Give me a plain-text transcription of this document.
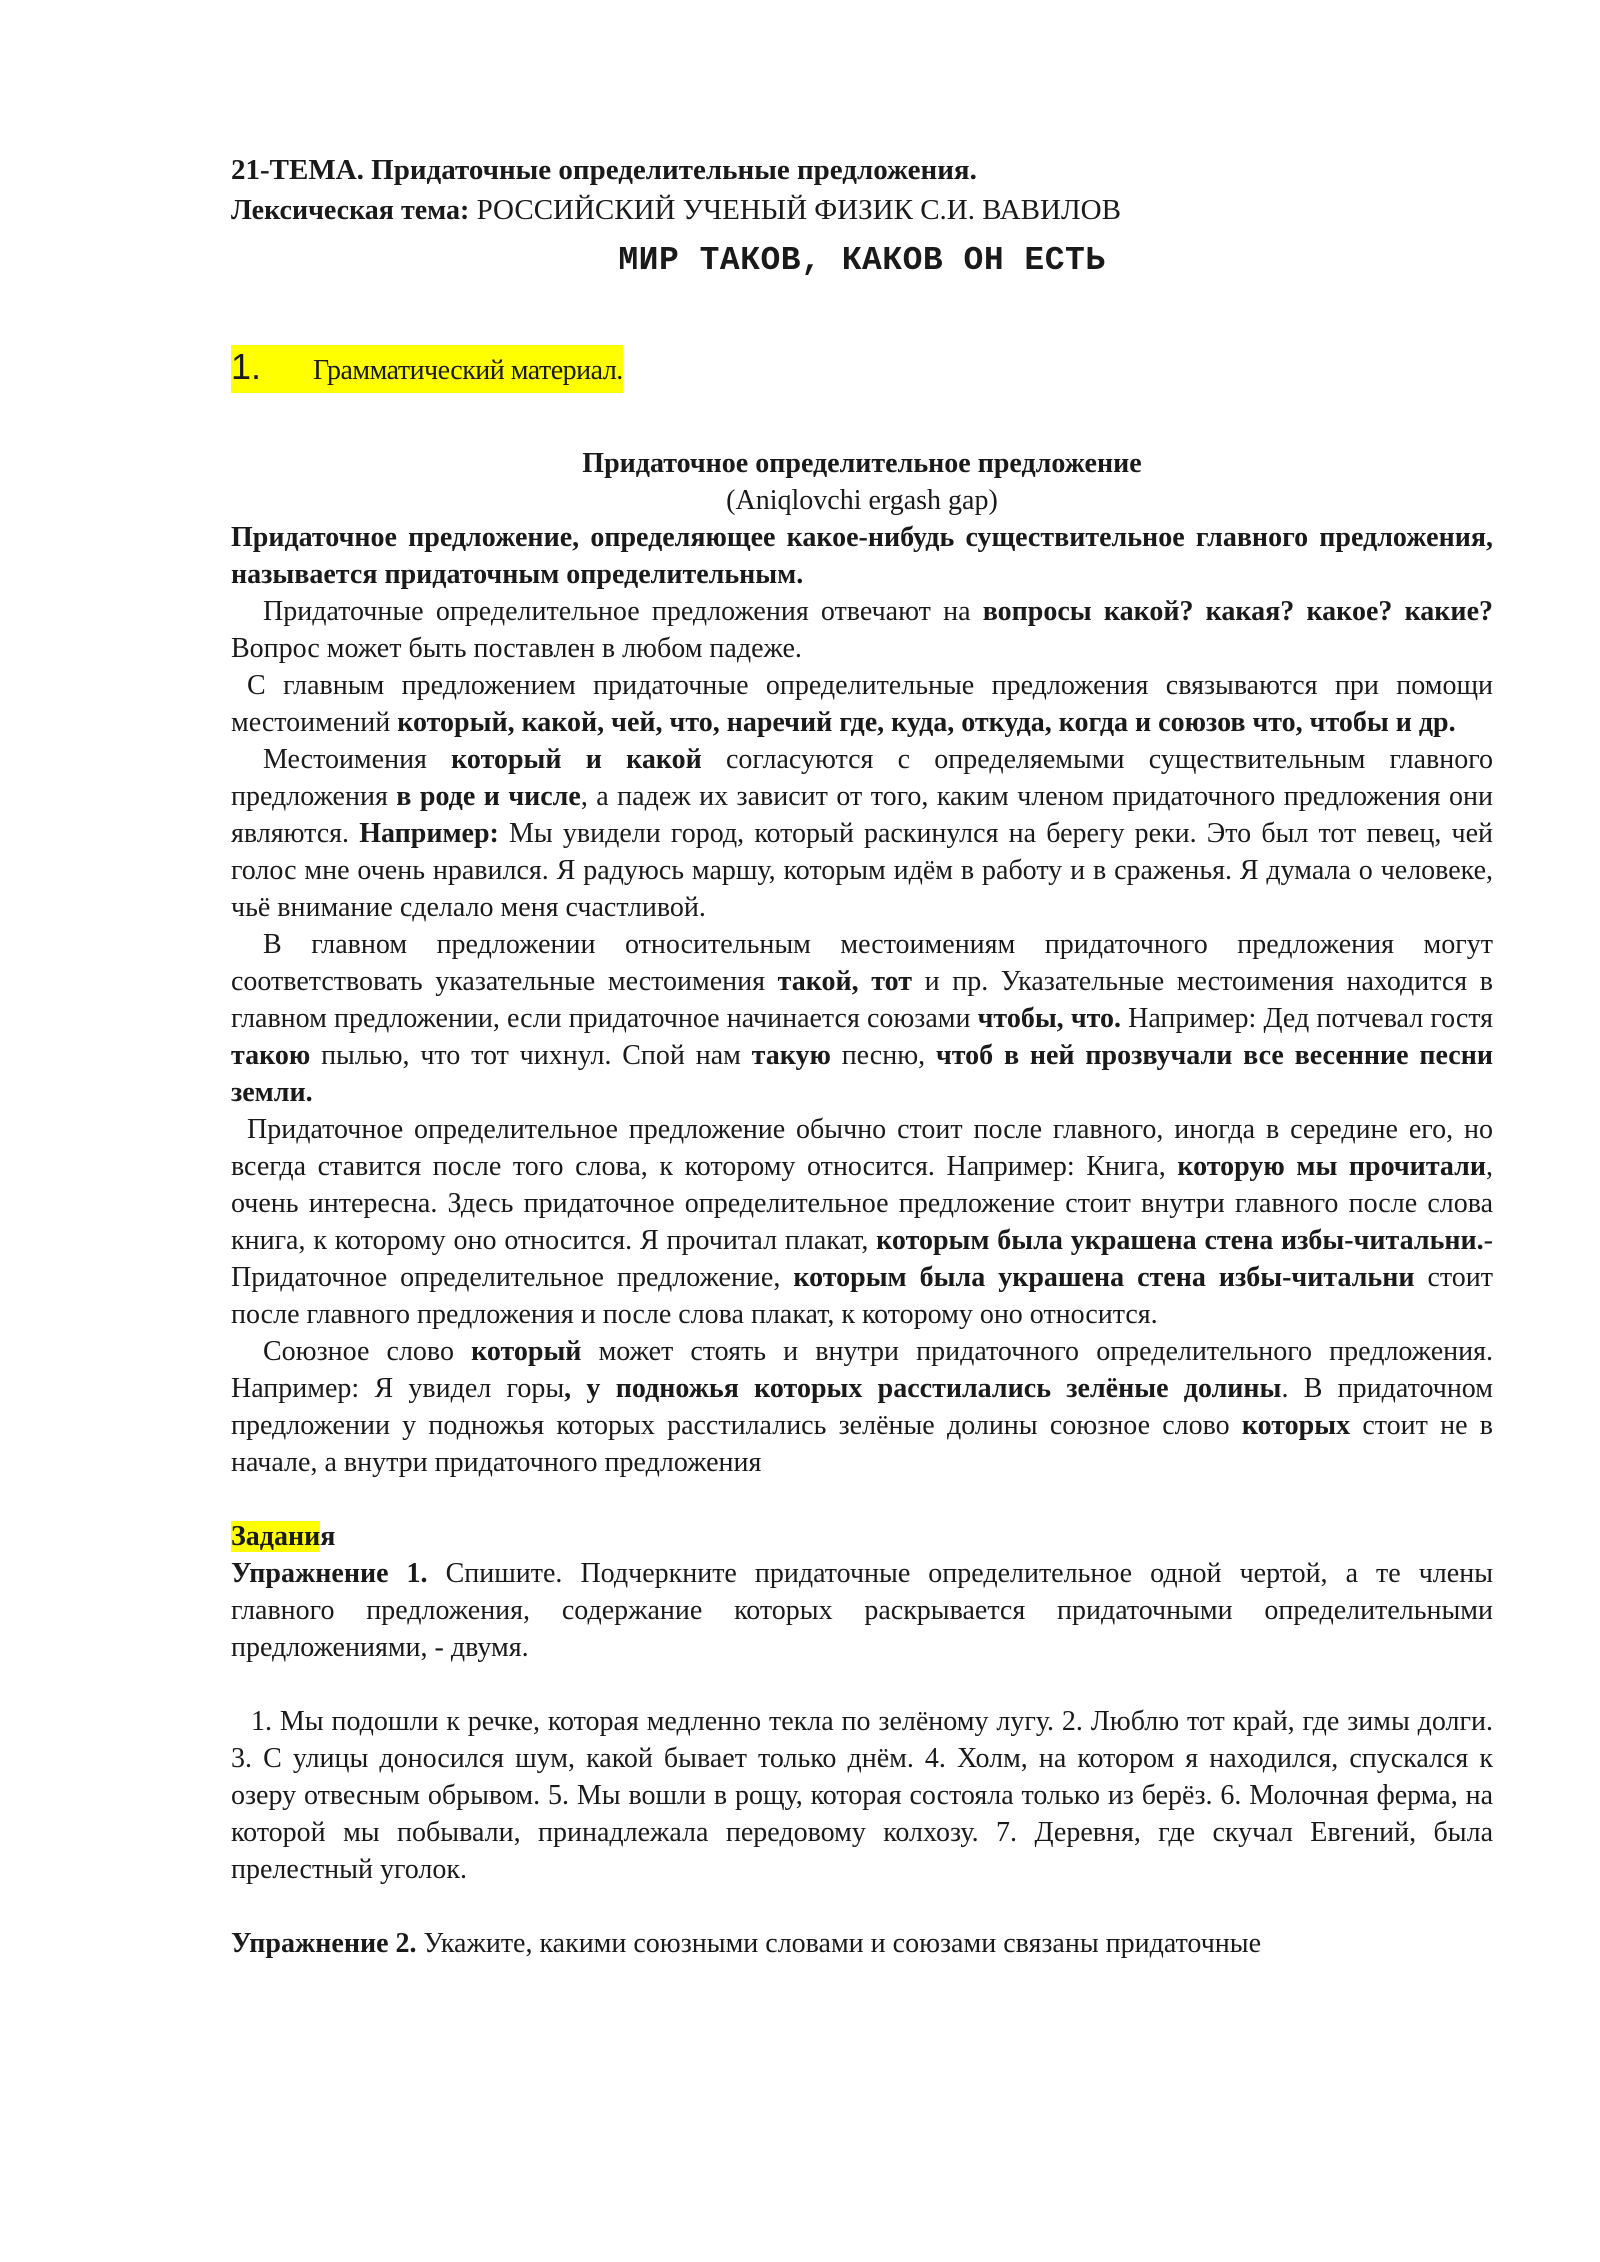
21-ТЕМА. Придаточные определительные предложения.
Лексическая тема: РОССИЙСКИЙ УЧЕНЫЙ ФИЗИК С.И. ВАВИЛОВ
МИР ТАКОВ, КАКОВ ОН ЕСТЬ
1. Грамматический материал.
Придаточное определительное предложение
(Aniqlovchi ergash gap)

Придаточное предложение, определяющее какое-нибудь существительное главного предложения, называется придаточным определительным.

Придаточные определительное предложения отвечают на вопросы какой? какая? какое? какие? Вопрос может быть поставлен в любом падеже.

С главным предложением придаточные определительные предложения связываются при помощи местоимений который, какой, чей, что, наречий где, куда, откуда, когда и союзов что, чтобы и др.

Местоимения который и какой согласуются с определяемыми существительным главного предложения в роде и числе, а падеж их зависит от того, каким членом придаточного предложения они являются. Например: Мы увидели город, который раскинулся на берегу реки. Это был тот певец, чей голос мне очень нравился. Я радуюсь маршу, которым идём в работу и в сраженья. Я думала о человеке, чьё внимание сделало меня счастливой.

В главном предложении относительным местоимениям придаточного предложения могут соответствовать указательные местоимения такой, тот и пр. Указательные местоимения находится в главном предложении, если придаточное начинается союзами чтобы, что. Например: Дед потчевал гостя такою пылью, что тот чихнул. Спой нам такую песню, чтоб в ней прозвучали все весенние песни земли.

Придаточное определительное предложение обычно стоит после главного, иногда в середине его, но всегда ставится после того слова, к которому относится. Например: Книга, которую мы прочитали, очень интересна. Здесь придаточное определительное предложение стоит внутри главного после слова книга, к которому оно относится. Я прочитал плакат, которым была украшена стена избы-читальни.- Придаточное определительное предложение, которым была украшена стена избы-читальни стоит после главного предложения и после слова плакат, к которому оно относится.

Союзное слово который может стоять и внутри придаточного определительного предложения. Например: Я увидел горы, у подножья которых расстилались зелёные долины. В придаточном предложении у подножья которых расстилались зелёные долины союзное слово которых стоит не в начале, а внутри придаточного предложения

Задания

Упражнение 1. Спишите. Подчеркните придаточные определительное одной чертой, а те члены главного предложения, содержание которых раскрывается придаточными определительными предложениями, - двумя.

1. Мы подошли к речке, которая медленно текла по зелёному лугу. 2. Люблю тот край, где зимы долги. 3. С улицы доносился шум, какой бывает только днём. 4. Холм, на котором я находился, спускался к озеру отвесным обрывом. 5. Мы вошли в рощу, которая состояла только из берёз. 6. Молочная ферма, на которой мы побывали, принадлежала передовому колхозу. 7. Деревня, где скучал Евгений, была прелестный уголок.

Упражнение 2. Укажите, какими союзными словами и союзами связаны придаточные
